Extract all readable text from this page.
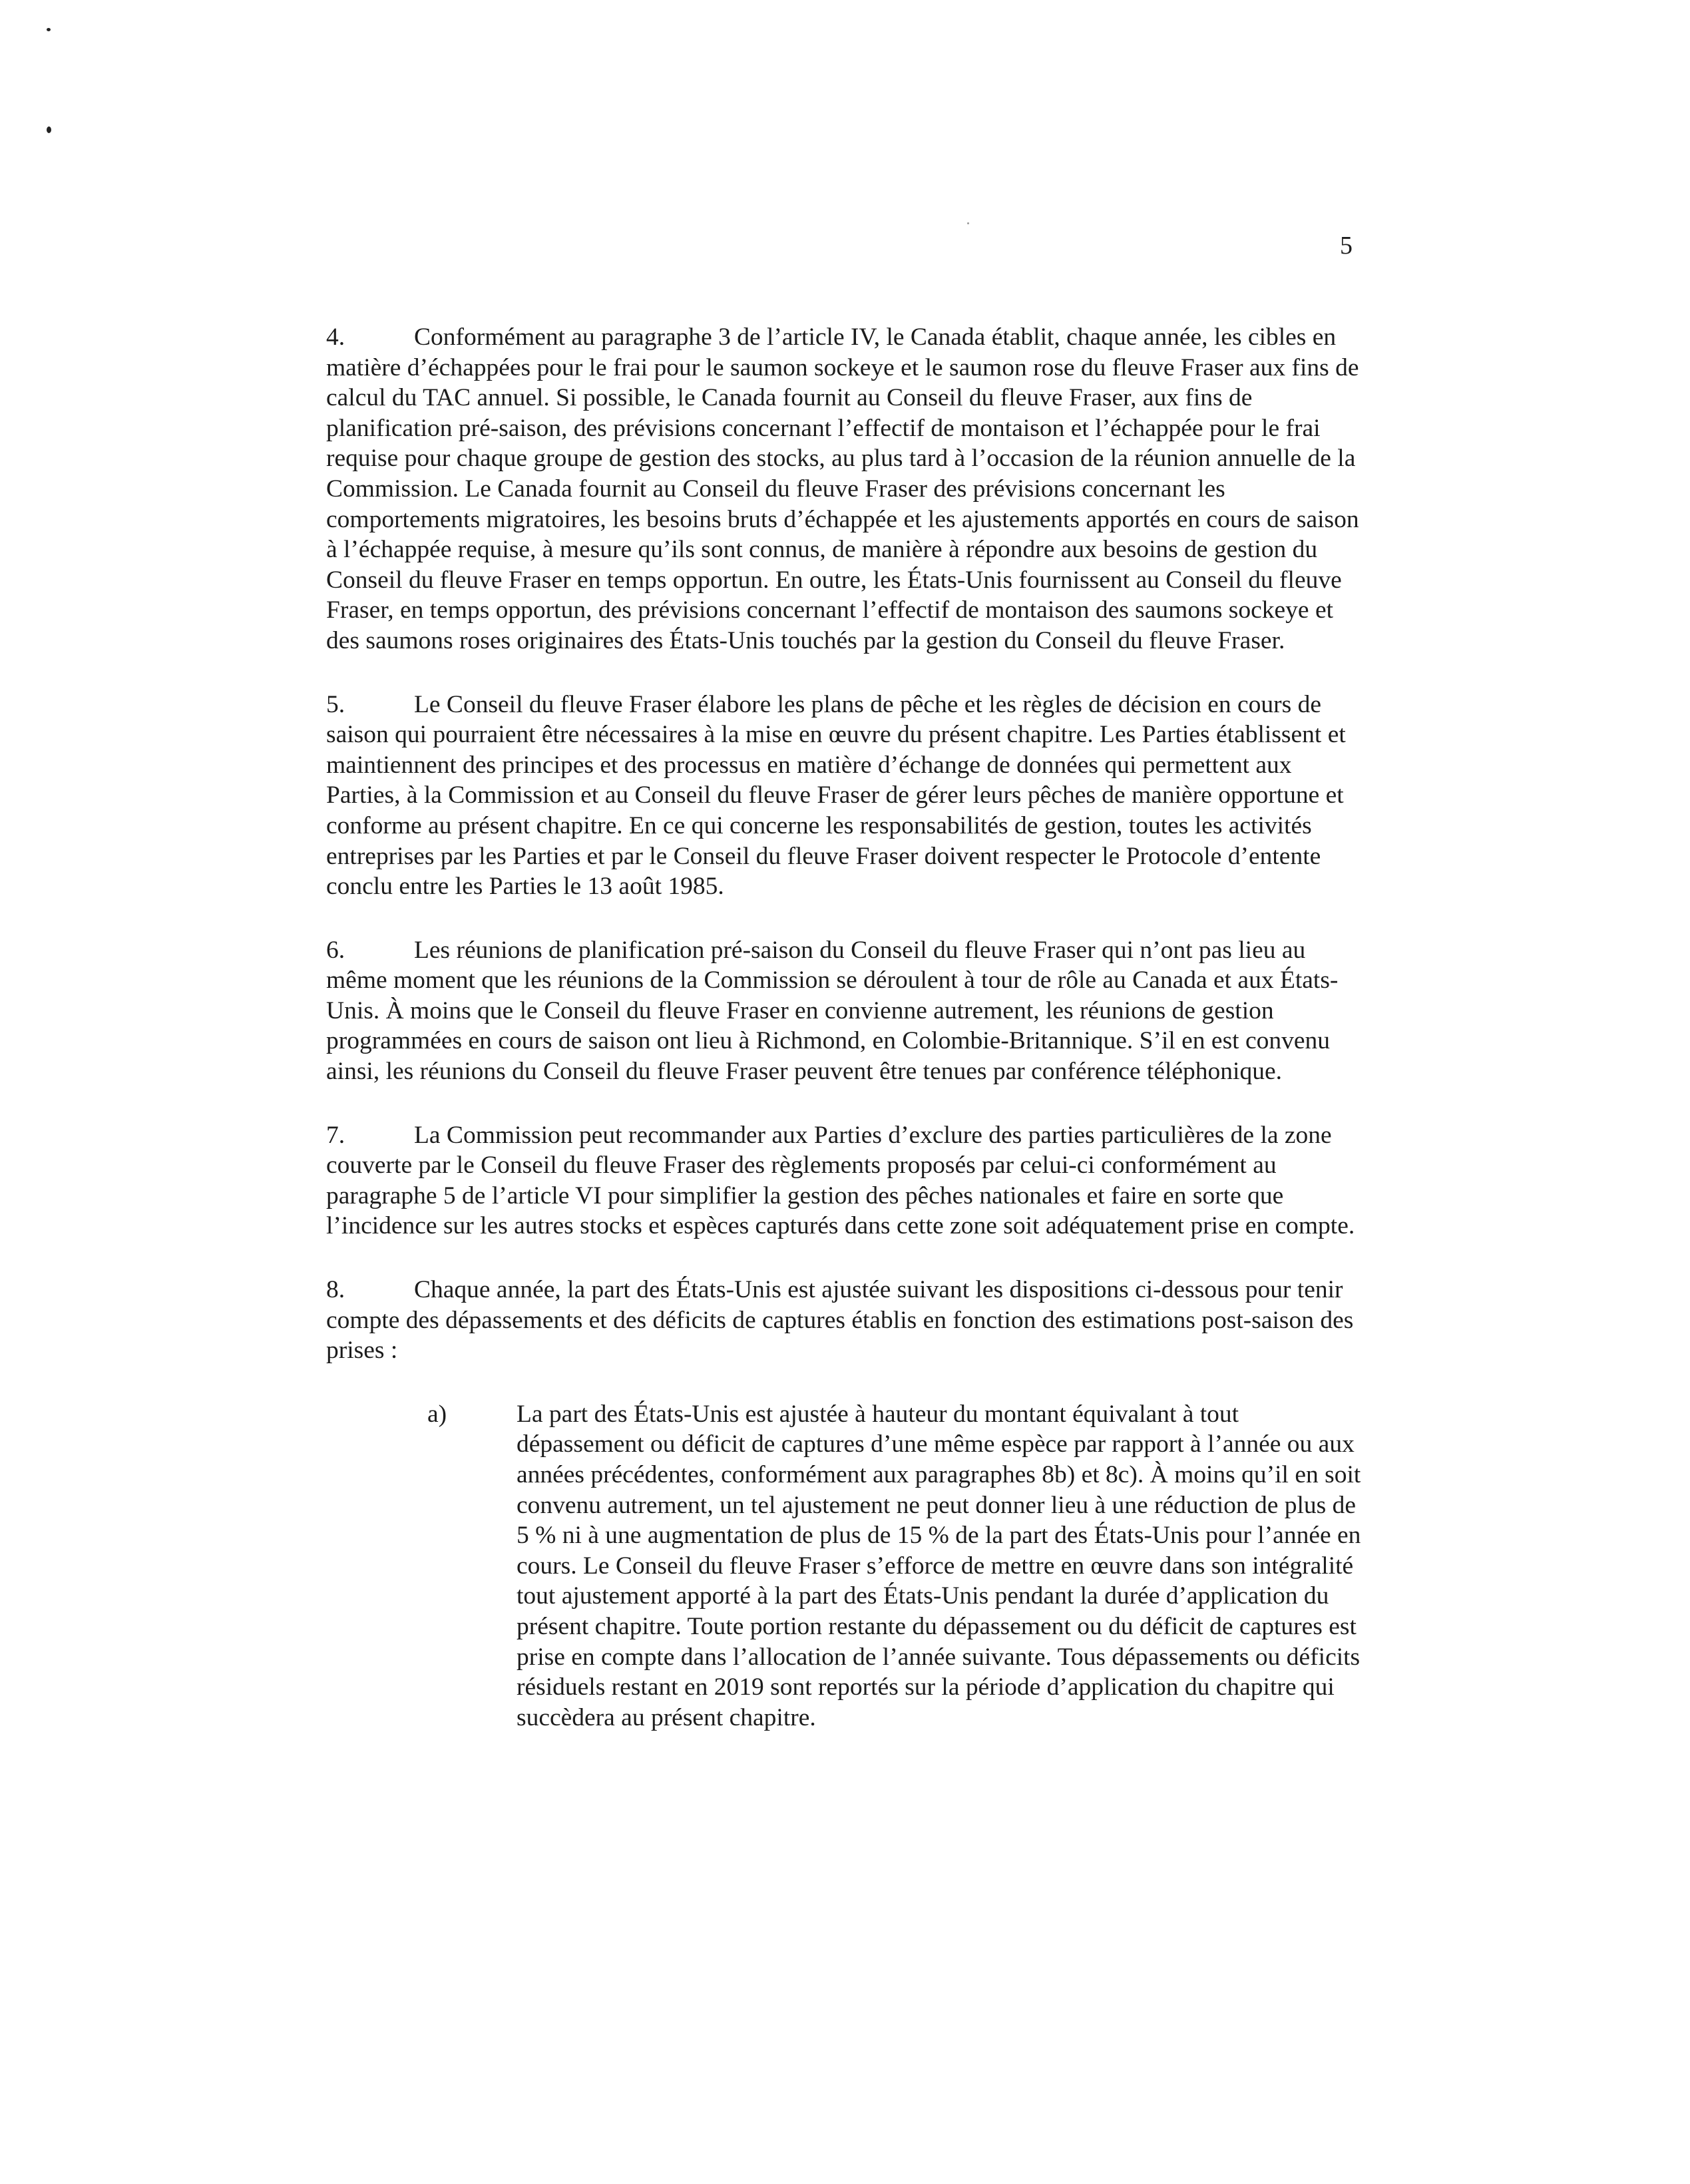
5

4.	Conformément au paragraphe 3 de l’article IV, le Canada établit, chaque année, les cibles en matière d’échappées pour le frai pour le saumon sockeye et le saumon rose du fleuve Fraser aux fins de calcul du TAC annuel. Si possible, le Canada fournit au Conseil du fleuve Fraser, aux fins de planification pré-saison, des prévisions concernant l’effectif de montaison et l’échappée pour le frai requise pour chaque groupe de gestion des stocks, au plus tard à l’occasion de la réunion annuelle de la Commission. Le Canada fournit au Conseil du fleuve Fraser des prévisions concernant les comportements migratoires, les besoins bruts d’échappée et les ajustements apportés en cours de saison à l’échappée requise, à mesure qu’ils sont connus, de manière à répondre aux besoins de gestion du Conseil du fleuve Fraser en temps opportun. En outre, les États-Unis fournissent au Conseil du fleuve Fraser, en temps opportun, des prévisions concernant l’effectif de montaison des saumons sockeye et des saumons roses originaires des États-Unis touchés par la gestion du Conseil du fleuve Fraser.

5.	Le Conseil du fleuve Fraser élabore les plans de pêche et les règles de décision en cours de saison qui pourraient être nécessaires à la mise en œuvre du présent chapitre. Les Parties établissent et maintiennent des principes et des processus en matière d’échange de données qui permettent aux Parties, à la Commission et au Conseil du fleuve Fraser de gérer leurs pêches de manière opportune et conforme au présent chapitre. En ce qui concerne les responsabilités de gestion, toutes les activités entreprises par les Parties et par le Conseil du fleuve Fraser doivent respecter le Protocole d’entente conclu entre les Parties le 13 août 1985.

6.	Les réunions de planification pré-saison du Conseil du fleuve Fraser qui n’ont pas lieu au même moment que les réunions de la Commission se déroulent à tour de rôle au Canada et aux États-Unis. À moins que le Conseil du fleuve Fraser en convienne autrement, les réunions de gestion programmées en cours de saison ont lieu à Richmond, en Colombie-Britannique. S’il en est convenu ainsi, les réunions du Conseil du fleuve Fraser peuvent être tenues par conférence téléphonique.

7.	La Commission peut recommander aux Parties d’exclure des parties particulières de la zone couverte par le Conseil du fleuve Fraser des règlements proposés par celui-ci conformément au paragraphe 5 de l’article VI pour simplifier la gestion des pêches nationales et faire en sorte que l’incidence sur les autres stocks et espèces capturés dans cette zone soit adéquatement prise en compte.

8.	Chaque année, la part des États-Unis est ajustée suivant les dispositions ci-dessous pour tenir compte des dépassements et des déficits de captures établis en fonction des estimations post-saison des prises :

a)	La part des États-Unis est ajustée à hauteur du montant équivalant à tout dépassement ou déficit de captures d’une même espèce par rapport à l’année ou aux années précédentes, conformément aux paragraphes 8b) et 8c). À moins qu’il en soit convenu autrement, un tel ajustement ne peut donner lieu à une réduction de plus de 5 % ni à une augmentation de plus de 15 % de la part des États-Unis pour l’année en cours. Le Conseil du fleuve Fraser s’efforce de mettre en œuvre dans son intégralité tout ajustement apporté à la part des États-Unis pendant la durée d’application du présent chapitre. Toute portion restante du dépassement ou du déficit de captures est prise en compte dans l’allocation de l’année suivante. Tous dépassements ou déficits résiduels restant en 2019 sont reportés sur la période d’application du chapitre qui succèdera au présent chapitre.
